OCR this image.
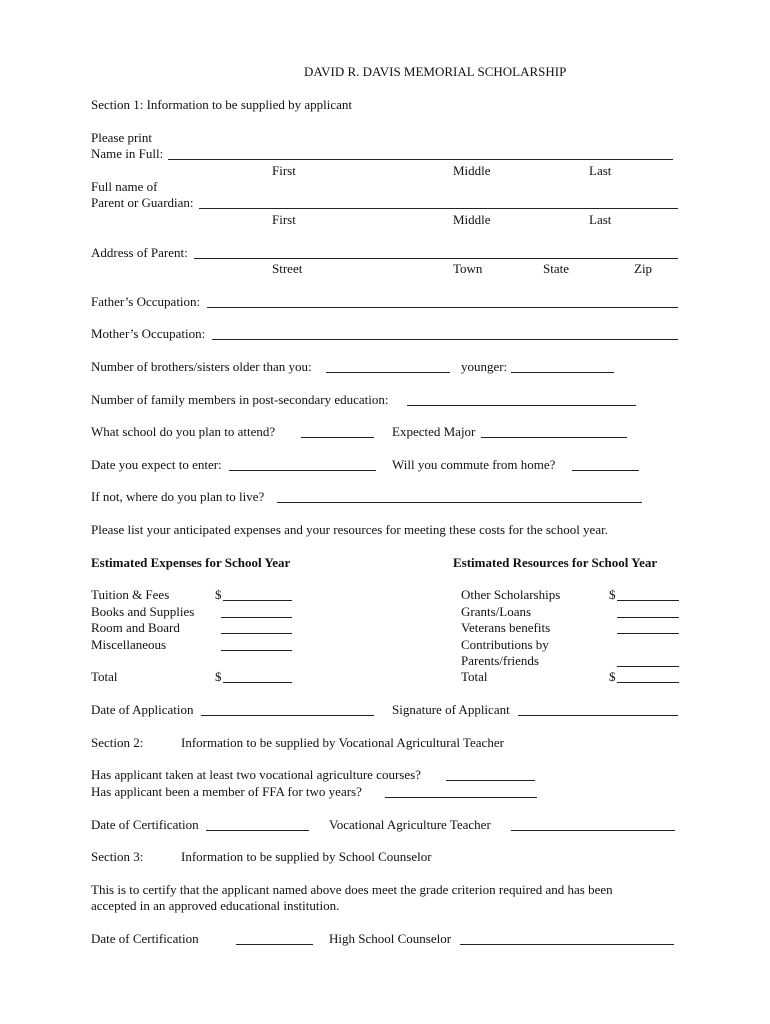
DAVID R. DAVIS MEMORIAL SCHOLARSHIP
Section 1: Information to be supplied by applicant
Please print
Name in Full:
First	Middle	Last
Full name of
Parent or Guardian:
First	Middle	Last
Address of Parent:
Street	Town	State	Zip
Father’s Occupation:
Mother’s Occupation:
Number of brothers/sisters older than you:	younger:
Number of family members in post-secondary education:
What school do you plan to attend?	Expected Major
Date you expect to enter:	Will you commute from home?
If not, where do you plan to live?
Please list your anticipated expenses and your resources for meeting these costs for the school year.
Estimated Expenses for School Year	Estimated Resources for School Year
Tuition & Fees	$
Books and Supplies
Room and Board
Miscellaneous
Total	$
Other Scholarships	$
Grants/Loans
Veterans benefits
Contributions by
Parents/friends
Total	$
Date of Application	Signature of Applicant
Section 2:	Information to be supplied by Vocational Agricultural Teacher
Has applicant taken at least two vocational agriculture courses?
Has applicant been a member of FFA for two years?
Date of Certification	Vocational Agriculture Teacher
Section 3:	Information to be supplied by School Counselor
This is to certify that the applicant named above does meet the grade criterion required and has been
accepted in an approved educational institution.
Date of Certification	High School Counselor
